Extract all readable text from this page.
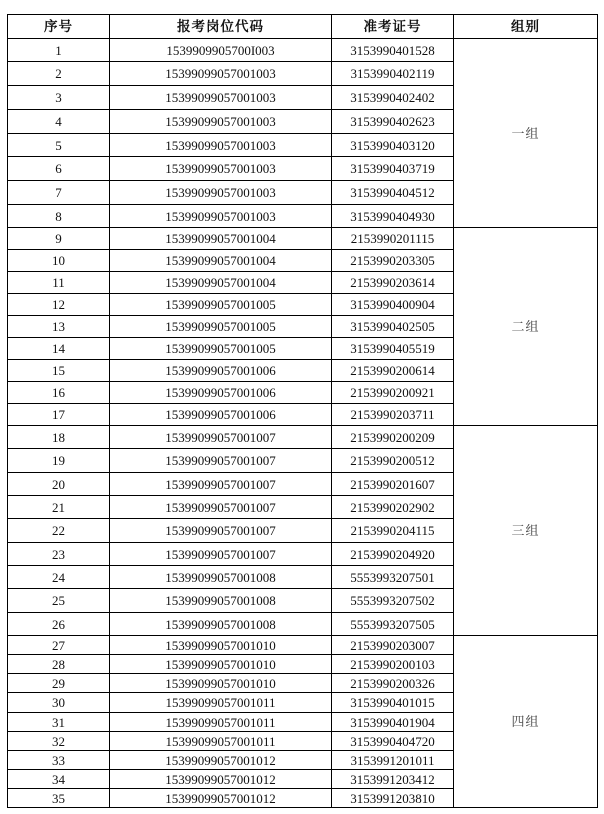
序号	报考岗位代码	准考证号	组别
1	1539909905700I003	3153990401528	一组
2	15399099057001003	3153990402119	
3	15399099057001003	3153990402402	
4	15399099057001003	3153990402623	
5	15399099057001003	3153990403120	
6	15399099057001003	3153990403719	
7	15399099057001003	3153990404512	
8	15399099057001003	3153990404930	
9	15399099057001004	2153990201115	二组
10	15399099057001004	2153990203305	
11	15399099057001004	2153990203614	
12	15399099057001005	3153990400904	
13	15399099057001005	3153990402505	
14	15399099057001005	3153990405519	
15	15399099057001006	2153990200614	
16	15399099057001006	2153990200921	
17	15399099057001006	2153990203711	
18	15399099057001007	2153990200209	三组
19	15399099057001007	2153990200512	
20	15399099057001007	2153990201607	
21	15399099057001007	2153990202902	
22	15399099057001007	2153990204115	
23	15399099057001007	2153990204920	
24	15399099057001008	5553993207501	
25	15399099057001008	5553993207502	
26	15399099057001008	5553993207505	
27	15399099057001010	2153990203007	四组
28	15399099057001010	2153990200103	
29	15399099057001010	2153990200326	
30	15399099057001011	3153990401015	
31	15399099057001011	3153990401904	
32	15399099057001011	3153990404720	
33	15399099057001012	3153991201011	
34	15399099057001012	3153991203412	
35	15399099057001012	3153991203810	
